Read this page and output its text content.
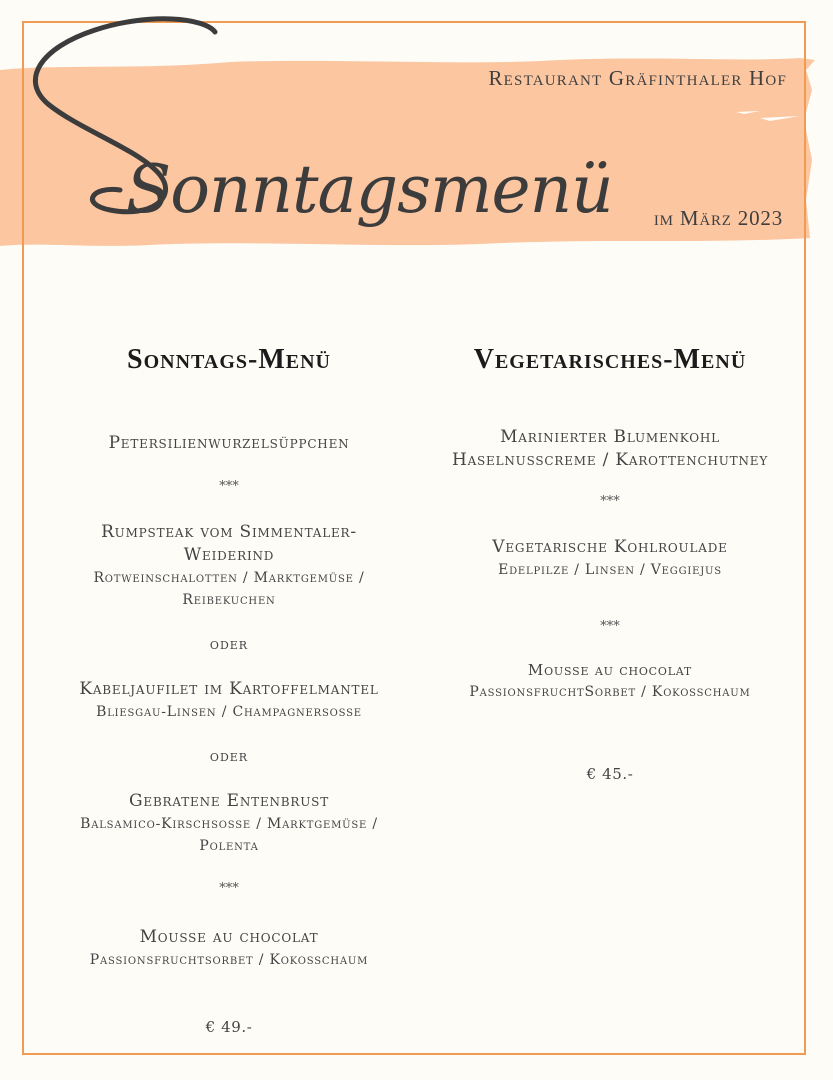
Restaurant Gräfinthaler Hof
Sonntagsmenü im März 2023
Sonntags-Menü

Petersilienwurzelsüppchen

***

Rumpsteak vom Simmentaler-

Weiderind

Rotweinschalotten / Marktgemüse /

Reibekuchen

oder

Kabeljaufilet im Kartoffelmantel

Bliesgau-Linsen / Champagnersosse

oder

Gebratene Entenbrust

Balsamico-Kirschsosse / Marktgemüse /

Polenta

***

Mousse au chocolat

Passionsfruchtsorbet / Kokosschaum

€ 49.-

Vegetarisches-Menü

Marinierter Blumenkohl

Haselnusscreme / Karottenchutney

***

Vegetarische Kohlroulade

Edelpilze / Linsen / Veggiejus

***

Mousse au chocolat

PassionsfruchtSorbet / Kokosschaum

€ 45.-
